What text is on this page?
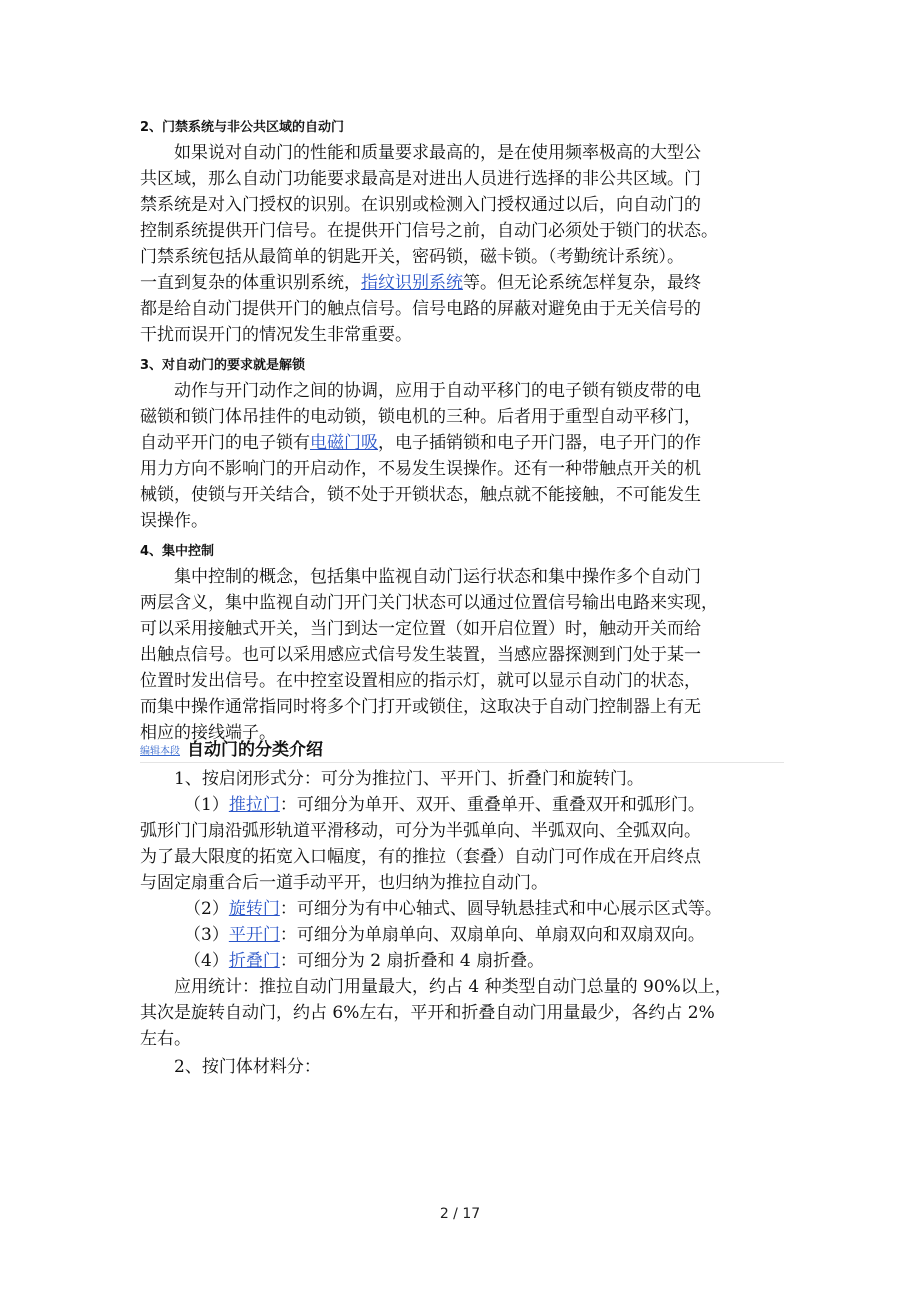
2、门禁系统与非公共区域的自动门
如果说对自动门的性能和质量要求最高的，是在使用频率极高的大型公
共区域，那么自动门功能要求最高是对进出人员进行选择的非公共区域。门
禁系统是对入门授权的识别。在识别或检测入门授权通过以后，向自动门的
控制系统提供开门信号。在提供开门信号之前，自动门必须处于锁门的状态。
门禁系统包括从最简单的钥匙开关，密码锁，磁卡锁。（考勤统计系统）。
一直到复杂的体重识别系统，指纹识别系统等。但无论系统怎样复杂，最终
都是给自动门提供开门的触点信号。信号电路的屏蔽对避免由于无关信号的
干扰而误开门的情况发生非常重要。
3、对自动门的要求就是解锁
动作与开门动作之间的协调，应用于自动平移门的电子锁有锁皮带的电
磁锁和锁门体吊挂件的电动锁，锁电机的三种。后者用于重型自动平移门，
自动平开门的电子锁有电磁门吸，电子插销锁和电子开门器，电子开门的作
用力方向不影响门的开启动作，不易发生误操作。还有一种带触点开关的机
械锁，使锁与开关结合，锁不处于开锁状态，触点就不能接触，不可能发生
误操作。
4、集中控制
集中控制的概念，包括集中监视自动门运行状态和集中操作多个自动门
两层含义，集中监视自动门开门关门状态可以通过位置信号输出电路来实现，
可以采用接触式开关，当门到达一定位置（如开启位置）时，触动开关而给
出触点信号。也可以采用感应式信号发生装置，当感应器探测到门处于某一
位置时发出信号。在中控室设置相应的指示灯，就可以显示自动门的状态，
而集中操作通常指同时将多个门打开或锁住，这取决于自动门控制器上有无
相应的接线端子。
编辑本段 自动门的分类介绍
1、按启闭形式分：可分为推拉门、平开门、折叠门和旋转门。
（1）推拉门：可细分为单开、双开、重叠单开、重叠双开和弧形门。
弧形门门扇沿弧形轨道平滑移动，可分为半弧单向、半弧双向、全弧双向。
为了最大限度的拓宽入口幅度，有的推拉（套叠）自动门可作成在开启终点
与固定扇重合后一道手动平开，也归纳为推拉自动门。
（2）旋转门：可细分为有中心轴式、圆导轨悬挂式和中心展示区式等。
（3）平开门：可细分为单扇单向、双扇单向、单扇双向和双扇双向。
（4）折叠门：可细分为 2 扇折叠和 4 扇折叠。
应用统计：推拉自动门用量最大，约占 4 种类型自动门总量的 90%以上，
其次是旋转自动门，约占 6%左右，平开和折叠自动门用量最少，各约占 2%
左右。
2、按门体材料分：
2 / 17
